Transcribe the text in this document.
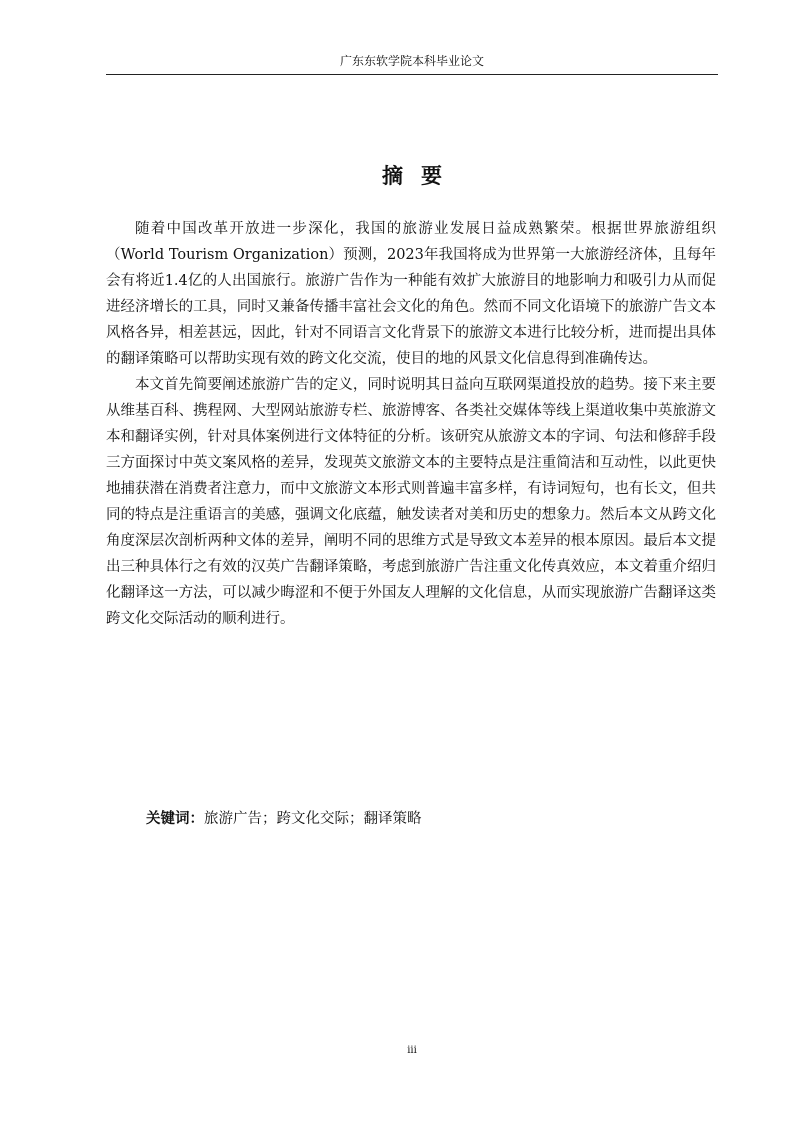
广东东软学院本科毕业论文
摘要

随着中国改革开放进一步深化，我国的旅游业发展日益成熟繁荣。根据世界旅游组织（World Tourism Organization）预测，2023年我国将成为世界第一大旅游经济体，且每年会有将近1.4亿的人出国旅行。旅游广告作为一种能有效扩大旅游目的地影响力和吸引力从而促进经济增长的工具，同时又兼备传播丰富社会文化的角色。然而不同文化语境下的旅游广告文本风格各异，相差甚远，因此，针对不同语言文化背景下的旅游文本进行比较分析，进而提出具体的翻译策略可以帮助实现有效的跨文化交流，使目的地的风景文化信息得到准确传达。

本文首先简要阐述旅游广告的定义，同时说明其日益向互联网渠道投放的趋势。接下来主要从维基百科、携程网、大型网站旅游专栏、旅游博客、各类社交媒体等线上渠道收集中英旅游文本和翻译实例，针对具体案例进行文体特征的分析。该研究从旅游文本的字词、句法和修辞手段三方面探讨中英文案风格的差异，发现英文旅游文本的主要特点是注重简洁和互动性，以此更快地捕获潜在消费者注意力，而中文旅游文本形式则普遍丰富多样，有诗词短句，也有长文，但共同的特点是注重语言的美感，强调文化底蕴，触发读者对美和历史的想象力。然后本文从跨文化角度深层次剖析两种文体的差异，阐明不同的思维方式是导致文本差异的根本原因。最后本文提出三种具体行之有效的汉英广告翻译策略，考虑到旅游广告注重文化传真效应，本文着重介绍归化翻译这一方法，可以减少晦涩和不便于外国友人理解的文化信息，从而实现旅游广告翻译这类跨文化交际活动的顺利进行。

关键词：旅游广告；跨文化交际；翻译策略
iii
